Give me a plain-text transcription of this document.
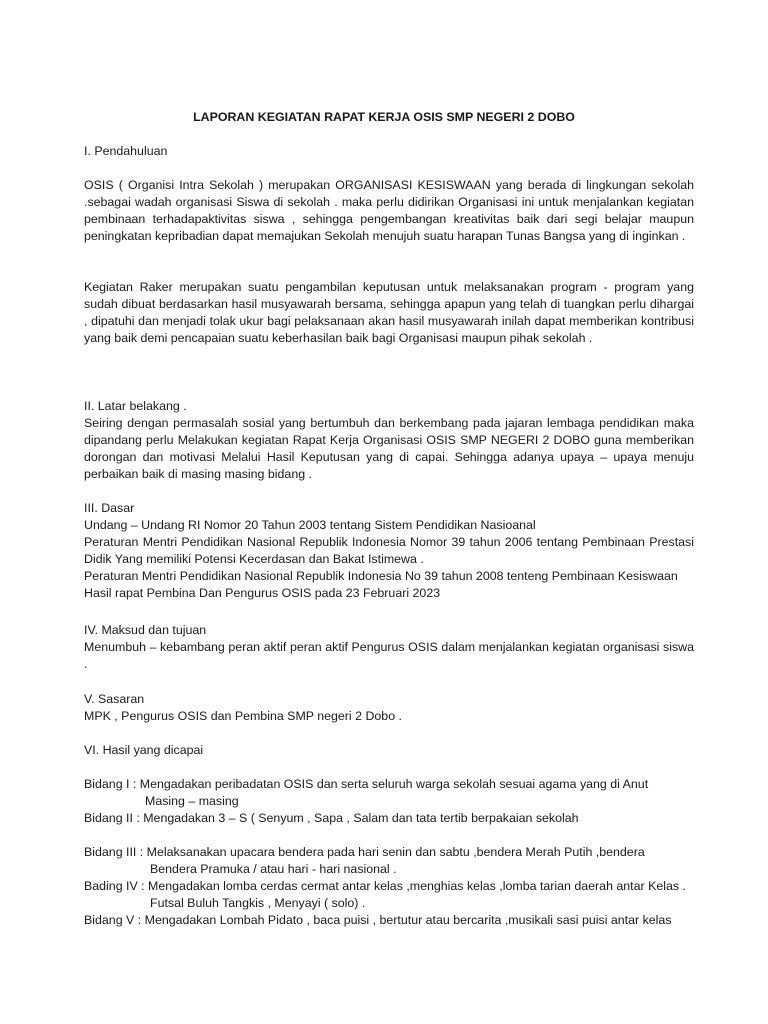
LAPORAN KEGIATAN RAPAT KERJA OSIS SMP NEGERI 2 DOBO
I. Pendahuluan

OSIS ( Organisi Intra Sekolah ) merupakan ORGANISASI KESISWAAN yang berada di lingkungan sekolah .sebagai wadah organisasi Siswa di sekolah . maka perlu didirikan Organisasi ini untuk menjalankan kegiatan pembinaan terhadapaktivitas siswa , sehingga pengembangan kreativitas baik dari segi belajar maupun peningkatan kepribadian dapat memajukan Sekolah menujuh suatu harapan Tunas Bangsa yang di inginkan .

Kegiatan Raker merupakan suatu pengambilan keputusan untuk melaksanakan program - program yang sudah dibuat berdasarkan hasil musyawarah bersama, sehingga apapun yang telah di tuangkan perlu dihargai , dipatuhi dan menjadi tolak ukur bagi pelaksanaan akan hasil musyawarah inilah dapat memberikan kontribusi yang baik demi pencapaian suatu keberhasilan baik bagi Organisasi maupun pihak sekolah .

II. Latar belakang .

Seiring dengan permasalah sosial yang bertumbuh dan berkembang pada jajaran lembaga pendidikan maka dipandang perlu Melakukan kegiatan Rapat Kerja Organisasi OSIS SMP NEGERI 2 DOBO guna memberikan dorongan dan motivasi Melalui Hasil Keputusan yang di capai. Sehingga adanya upaya – upaya menuju perbaikan baik di masing masing bidang .

III. Dasar
Undang – Undang RI Nomor 20 Tahun 2003 tentang Sistem Pendidikan Nasioanal

Peraturan Mentri Pendidikan Nasional Republik Indonesia Nomor 39 tahun 2006 tentang Pembinaan Prestasi Didik Yang memiliki Potensi Kecerdasan dan Bakat Istimewa .

Peraturan Mentri Pendidikan Nasional Republik Indonesia No 39 tahun 2008 tenteng Pembinaan Kesiswaan
Hasil rapat Pembina Dan Pengurus OSIS pada 23 Februari 2023
IV. Maksud dan tujuan

Menumbuh – kebambang peran aktif peran aktif Pengurus OSIS dalam menjalankan kegiatan organisasi siswa .

V. Sasaran
MPK , Pengurus OSIS dan Pembina SMP negeri 2 Dobo .
VI. Hasil yang dicapai
Bidang I : Mengadakan peribadatan OSIS dan serta seluruh warga sekolah sesuai agama yang di Anut
Masing – masing
Bidang II : Mengadakan 3 – S ( Senyum , Sapa , Salam dan tata tertib berpakaian sekolah
Bidang III : Melaksanakan upacara bendera pada hari senin dan sabtu ,bendera Merah Putih ,bendera
Bendera Pramuka / atau hari - hari nasional .
Bading IV : Mengadakan lomba cerdas cermat antar kelas ,menghias kelas ,lomba tarian daerah antar Kelas .
Futsal Buluh Tangkis , Menyayi ( solo) .
Bidang V : Mengadakan Lombah Pidato , baca puisi , bertutur atau bercarita ,musikali sasi puisi antar kelas
